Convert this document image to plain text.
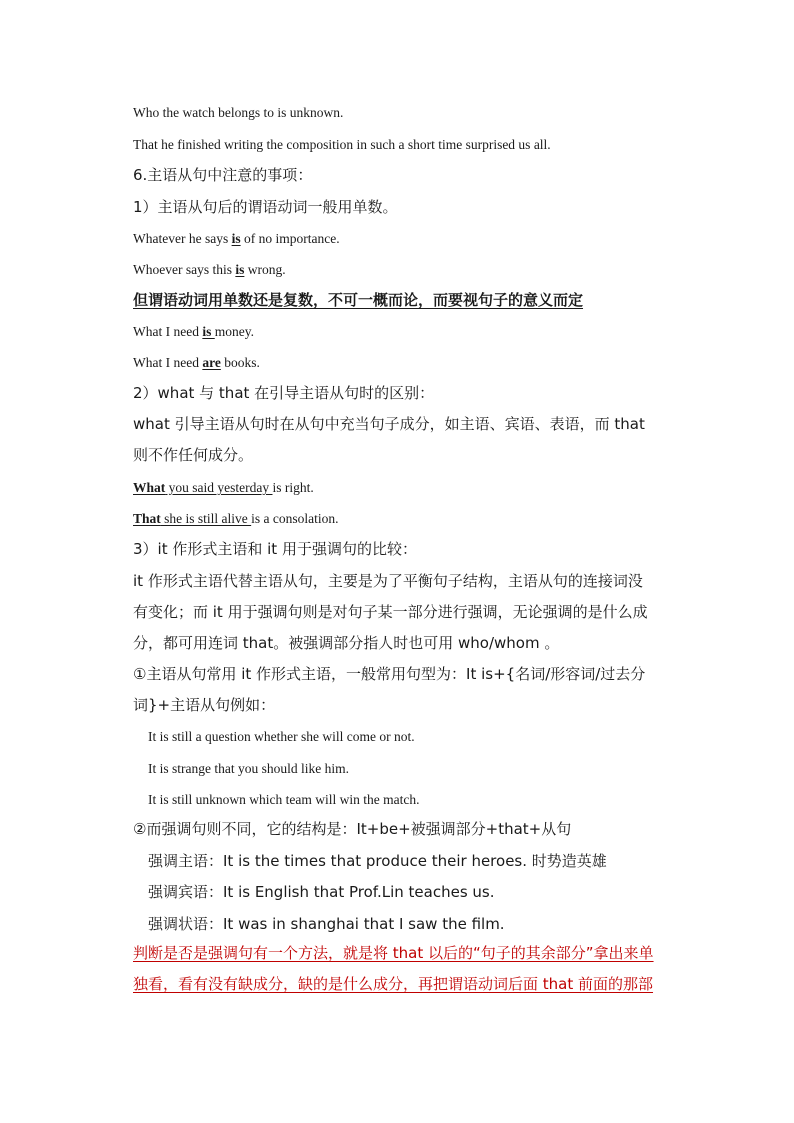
Who the watch belongs to is unknown.
That he finished writing the composition in such a short time surprised us all.
6.主语从句中注意的事项：
1）主语从句后的谓语动词一般用单数。
Whatever he says is of no importance.
Whoever says this is wrong.
但谓语动词用单数还是复数，不可一概而论，而要视句子的意义而定
What I need is money.
What I need are books.
2）what 与 that 在引导主语从句时的区别：
what 引导主语从句时在从句中充当句子成分，如主语、宾语、表语，而 that
则不作任何成分。
What you said yesterday is right.
That she is still alive is a consolation.
3）it 作形式主语和 it 用于强调句的比较：
it 作形式主语代替主语从句，主要是为了平衡句子结构，主语从句的连接词没
有变化；而 it 用于强调句则是对句子某一部分进行强调，无论强调的是什么成
分，都可用连词 that。被强调部分指人时也可用 who/whom 。
①主语从句常用 it 作形式主语，一般常用句型为：It is+{名词/形容词/过去分
词}+主语从句例如：
It is still a question whether she will come or not.
It is strange that you should like him.
It is still unknown which team will win the match.
②而强调句则不同，它的结构是：It+be+被强调部分+that+从句
强调主语：It is the times that produce their heroes. 时势造英雄
强调宾语：It is English that Prof.Lin teaches us.
强调状语：It was in shanghai that I saw the film.
判断是否是强调句有一个方法，就是将 that 以后的“句子的其余部分”拿出来单
独看，看有没有缺成分，缺的是什么成分，再把谓语动词后面 that 前面的那部
